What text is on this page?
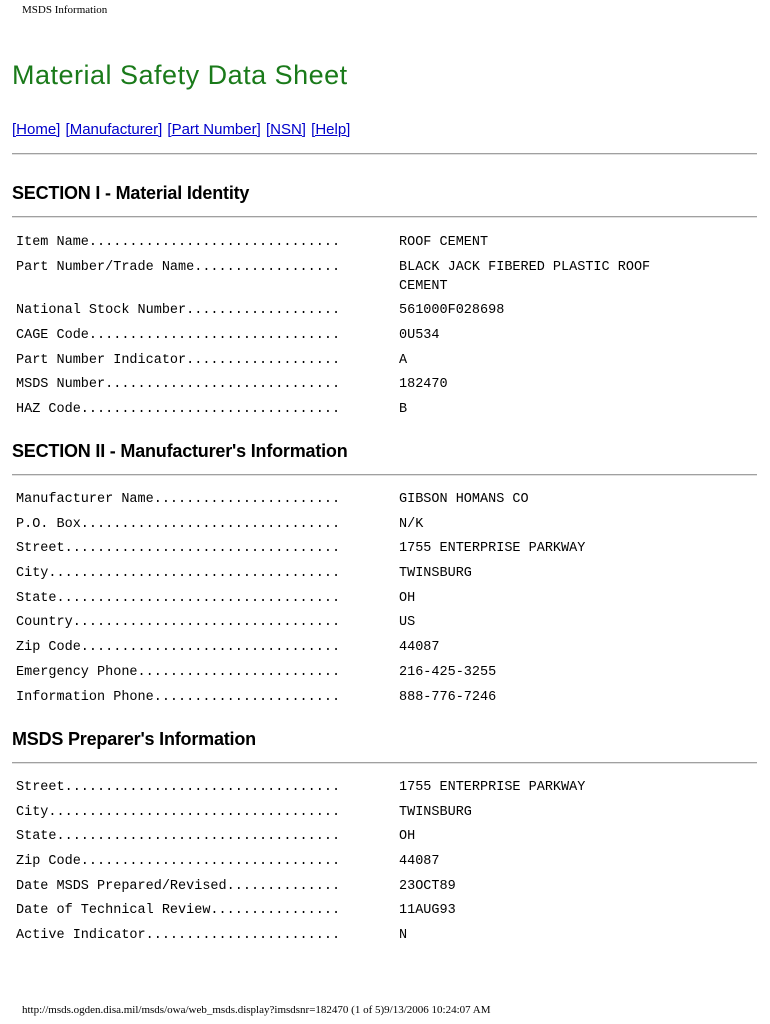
MSDS Information
Material Safety Data Sheet
[Home] [Manufacturer] [Part Number] [NSN] [Help]
SECTION I - Material Identity
Item Name...............................	ROOF CEMENT
Part Number/Trade Name..................	BLACK JACK FIBERED PLASTIC ROOF CEMENT
National Stock Number...................	561000F028698
CAGE Code...............................	0U534
Part Number Indicator...................	A
MSDS Number.............................	182470
HAZ Code................................	B
SECTION II - Manufacturer's Information
Manufacturer Name.......................	GIBSON HOMANS CO
P.O. Box................................	N/K
Street..................................	1755 ENTERPRISE PARKWAY
City....................................	TWINSBURG
State...................................	OH
Country.................................	US
Zip Code................................	44087
Emergency Phone.........................	216-425-3255
Information Phone.......................	888-776-7246
MSDS Preparer's Information
Street..................................	1755 ENTERPRISE PARKWAY
City....................................	TWINSBURG
State...................................	OH
Zip Code................................	44087
Date MSDS Prepared/Revised..............	23OCT89
Date of Technical Review................	11AUG93
Active Indicator........................	N
http://msds.ogden.disa.mil/msds/owa/web_msds.display?imsdsnr=182470 (1 of 5)9/13/2006 10:24:07 AM
